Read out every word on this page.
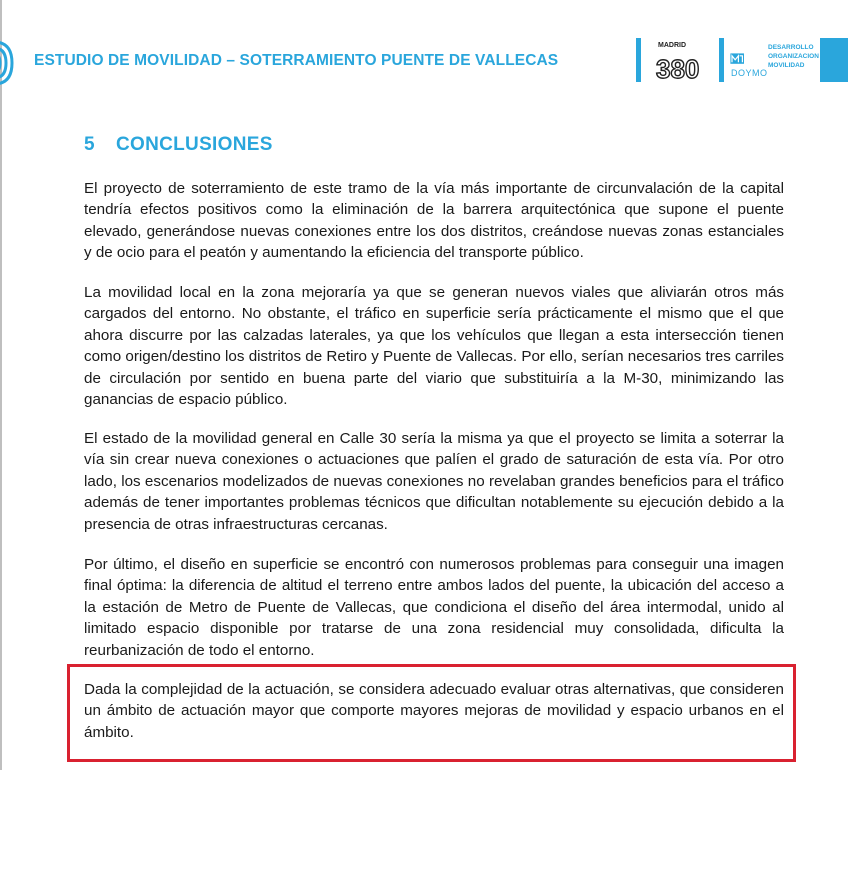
ESTUDIO DE MOVILIDAD – SOTERRAMIENTO PUENTE DE VALLECAS
MADRID
380
DESARROLLO
ORGANIZACION
MOVILIDAD
DOYMO
5 CONCLUSIONES

El proyecto de soterramiento de este tramo de la vía más importante de circunvalación de la capital tendría efectos positivos como la eliminación de la barrera arquitectónica que supone el puente elevado, generándose nuevas conexiones entre los dos distritos, creándose nuevas zonas estanciales y de ocio para el peatón y aumentando la eficiencia del transporte público.

La movilidad local en la zona mejoraría ya que se generan nuevos viales que aliviarán otros más cargados del entorno. No obstante, el tráfico en superficie sería prácticamente el mismo que el que ahora discurre por las calzadas laterales, ya que los vehículos que llegan a esta intersección tienen como origen/destino los distritos de Retiro y Puente de Vallecas. Por ello, serían necesarios tres carriles de circulación por sentido en buena parte del viario que substituiría a la M-30, minimizando las ganancias de espacio público.

El estado de la movilidad general en Calle 30 sería la misma ya que el proyecto se limita a soterrar la vía sin crear nueva conexiones o actuaciones que palíen el grado de saturación de esta vía. Por otro lado, los escenarios modelizados de nuevas conexiones no revelaban grandes beneficios para el tráfico además de tener importantes problemas técnicos que dificultan notablemente su ejecución debido a la presencia de otras infraestructuras cercanas.

Por último, el diseño en superficie se encontró con numerosos problemas para conseguir una imagen final óptima: la diferencia de altitud el terreno entre ambos lados del puente, la ubicación del acceso a la estación de Metro de Puente de Vallecas, que condiciona el diseño del área intermodal, unido al limitado espacio disponible por tratarse de una zona residencial muy consolidada, dificulta la reurbanización de todo el entorno.

Dada la complejidad de la actuación, se considera adecuado evaluar otras alternativas, que consideren un ámbito de actuación mayor que comporte mayores mejoras de movilidad y espacio urbanos en el ámbito.
